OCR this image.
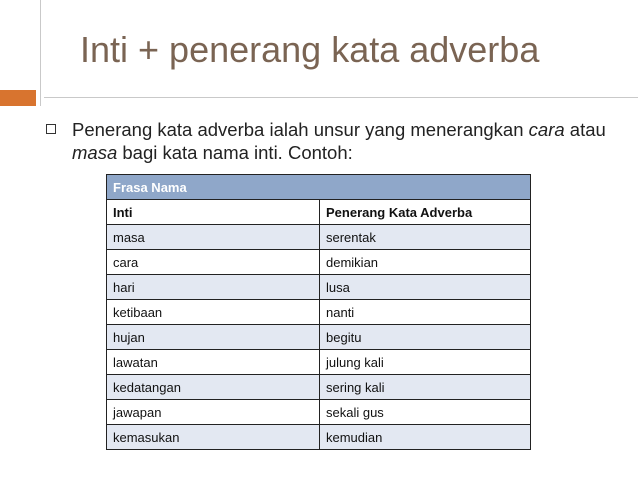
Inti + penerang kata adverba
Penerang kata adverba ialah unsur yang menerangkan cara atau masa bagi kata nama inti. Contoh:
Frasa Nama	
Inti	Penerang Kata Adverba
masa	serentak
cara	demikian
hari	lusa
ketibaan	nanti
hujan	begitu
lawatan	julung kali
kedatangan	sering kali
jawapan	sekali gus
kemasukan	kemudian
